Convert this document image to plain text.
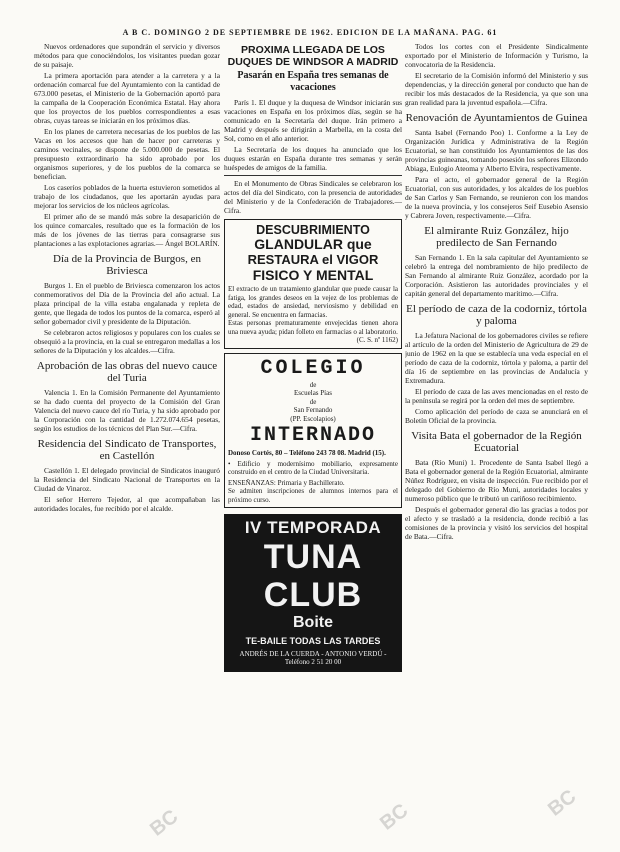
A B C. DOMINGO 2 DE SEPTIEMBRE DE 1962. EDICION DE LA MAÑANA. PAG. 61

Nuevos ordenadores que supondrán el servicio y diversos métodos para que conociéndolos, los visitantes puedan gozar de su paisaje.

La primera aportación para atender a la carretera y a la ordenación comarcal fue del Ayuntamiento con la cantidad de 673.000 pesetas, el Ministerio de la Gobernación aportó para la campaña de la Cooperación Económica Estatal. Hay ahora que los proyectos de los pueblos correspondientes a esas obras, cuyas tareas se iniciarán en los próximos días.

En los planes de carretera necesarias de los pueblos de las Vacas en los accesos que han de hacer por carreteras y caminos vecinales, se dispone de 5.000.000 de pesetas. El presupuesto extraordinario ha sido aprobado por los organismos superiores, y de los pueblos de la comarca se benefician.

Los caseríos poblados de la huerta estuvieron sometidos al trabajo de los ciudadanos, que les aportarán ayudas para mejorar los servicios de los núcleos agrícolas.

El primer año de se mandó más sobre la desaparición de los quince comarcales, resultado que es la formación de los más de los jóvenes de las tierras para consagrarse sus plantaciones a las explotaciones agrarias.— Ángel BOLARÍN.

Día de la Provincia de Burgos, en Briviesca

Burgos 1. En el pueblo de Briviesca comenzaron los actos conmemorativos del Día de la Provincia del año actual. La plaza principal de la villa estaba engalanada y repleta de gente, que llegada de todos los puntos de la comarca, esperó al señor gobernador civil y presidente de la Diputación.

Se celebraron actos religiosos y populares con los cuales se obsequió a la provincia, en la cual se entregaron medallas a los señores de la Diputación y los alcaldes.—Cifra.

Aprobación de las obras del nuevo cauce del Turia

Valencia 1. En la Comisión Permanente del Ayuntamiento se ha dado cuenta del proyecto de la Comisión del Gran Valencia del nuevo cauce del río Turia, y ha sido aprobado por la Corporación con la cantidad de 1.272.074.654 pesetas, según los estudios de los técnicos del Plan Sur.—Cifra.

Residencia del Sindicato de Transportes, en Castellón

Castellón 1. El delegado provincial de Sindicatos inauguró la Residencia del Sindicato Nacional de Transportes en la Ciudad de Vinaroz.

El señor Herrero Tejedor, al que acompañaban las autoridades locales, fue recibido por el alcalde.

PROXIMA LLEGADA DE LOS DUQUES DE WINDSOR A MADRID
Pasarán en España tres semanas de vacaciones

París 1. El duque y la duquesa de Windsor iniciarán sus vacaciones en España en los próximos días, según se ha comunicado en la Secretaría del duque. Irán primero a Madrid y después se dirigirán a Marbella, en la costa del Sol, como en el año anterior.

La Secretaría de los duques ha anunciado que los duques estarán en España durante tres semanas y serán huéspedes de amigos de la familia.

En el Monumento de Obras Sindicales se celebraron los actos del día del Sindicato, con la presencia de autoridades del Ministerio y de la Confederación de Trabajadores.— Cifra.

DESCUBRIMIENTO
GLANDULAR que
RESTAURA el VIGOR
FISICO Y MENTAL

El extracto de un tratamiento glandular que puede causar la fatiga, los grandes deseos en la vejez de los problemas de edad, estados de ansiedad, nerviosismo y debilidad en general. Se encuentra en farmacias.

Estas personas prematuramente envejecidas tienen ahora una nueva ayuda; pidan folleto en farmacias o al laboratorio.

(C. S. nº 1162)

COLEGIO
de
Escuelas Pías
de
San Fernando
(PP. Escolapios)
INTERNADO

Donoso Cortés, 80 – Teléfono 243 78 08. Madrid (15).

• Edificio y modernísimo mobiliario, expresamente construido en el centro de la Ciudad Universitaria.

ENSEÑANZAS: Primaria y Bachillerato.

Se admiten inscripciones de alumnos internos para el próximo curso.

IV TEMPORADA
TUNA CLUB
Boite
TE-BAILE TODAS LAS TARDES
ANDRÉS DE LA CUERDA - ANTONIO VERDÚ - Teléfono 2 51 20 00

Todos los cortes con el Presidente Sindicalmente exportado por el Ministerio de Información y Turismo, la convocatoria de la Residencia.

El secretario de la Comisión informó del Ministerio y sus dependencias, y la dirección general por conducto que han de recibir los más destacados de la Residencia, ya que son una gran realidad para la juventud española.—Cifra.

Renovación de Ayuntamientos de Guinea

Santa Isabel (Fernando Poo) 1. Conforme a la Ley de Organización Jurídica y Administrativa de la Región Ecuatorial, se han constituido los Ayuntamientos de las dos provincias guineanas, tomando posesión los señores Elizondo Abiaga, Eulogio Ateoma y Alberto Elvira, respectivamente.

Para el acto, el gobernador general de la Región Ecuatorial, con sus autoridades, y los alcaldes de los pueblos de San Carlos y San Fernando, se reunieron con los mandos de la nueva provincia, y los consejeros Seif Eusebio Asensio y Cabrera Joven, respectivamente.—Cifra.

El almirante Ruiz González, hijo predilecto de San Fernando

San Fernando 1. En la sala capitular del Ayuntamiento se celebró la entrega del nombramiento de hijo predilecto de San Fernando al almirante Ruiz González, acordado por la Corporación. Asistieron las autoridades provinciales y el capitán general del departamento marítimo.—Cifra.

El período de caza de la codorniz, tórtola y paloma

La Jefatura Nacional de los gobernadores civiles se refiere al artículo de la orden del Ministerio de Agricultura de 29 de junio de 1962 en la que se establecía una veda especial en el período de caza de la codorniz, tórtola y paloma, a partir del día 16 de septiembre en las provincias de Andalucía y Extremadura.

El período de caza de las aves mencionadas en el resto de la península se regirá por la orden del mes de septiembre.

Como aplicación del período de caza se anunciará en el Boletín Oficial de la provincia.

Visita Bata el gobernador de la Región Ecuatorial

Bata (Río Muni) 1. Procedente de Santa Isabel llegó a Bata el gobernador general de la Región Ecuatorial, almirante Núñez Rodríguez, en visita de inspección. Fue recibido por el delegado del Gobierno de Río Muni, autoridades locales y numeroso público que le tributó un cariñoso recibimiento.

Después el gobernador general dio las gracias a todos por el afecto y se trasladó a la residencia, donde recibió a las comisiones de la provincia y visitó los servicios del hospital de Bata.—Cifra.

BC	BC	BC
